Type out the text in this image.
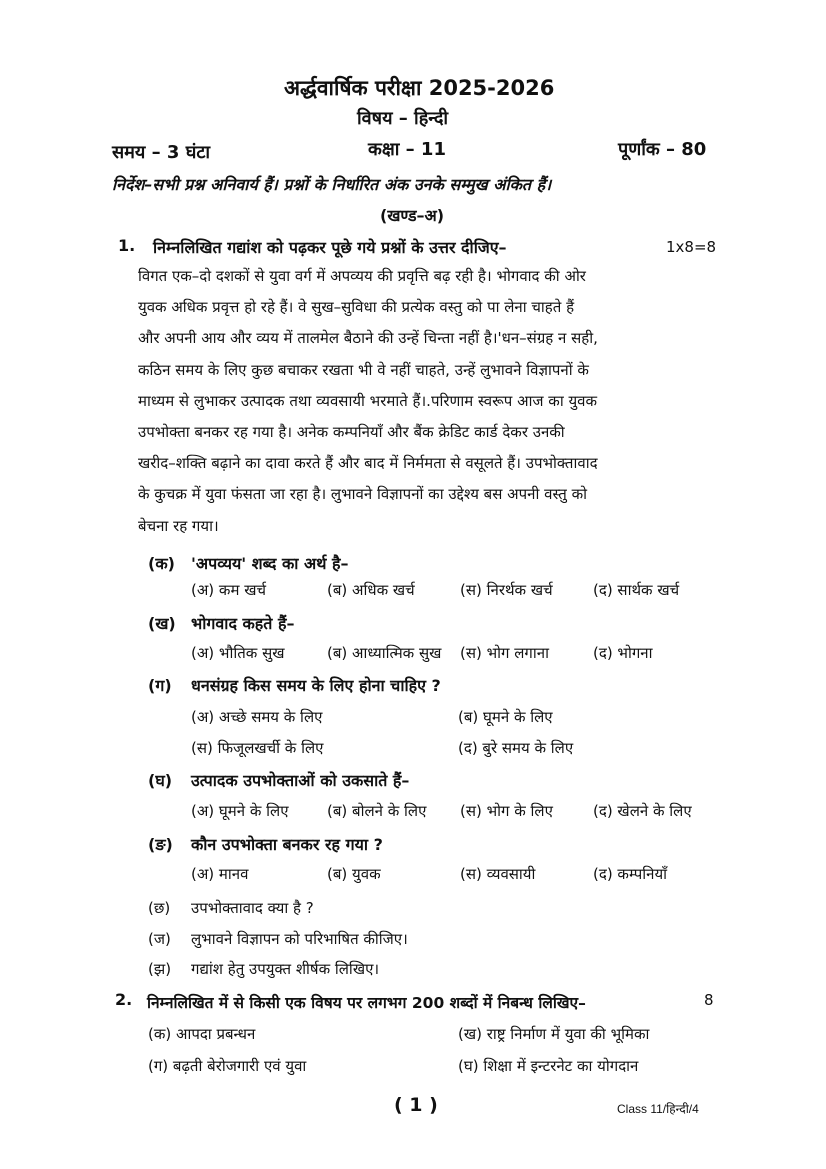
अर्द्धवार्षिक परीक्षा 2025-2026
विषय – हिन्दी
समय – 3 घंटा	कक्षा – 11	पूर्णांक – 80
निर्देश–सभी प्रश्न अनिवार्य हैं। प्रश्नों के निर्धारित अंक उनके सम्मुख अंकित हैं।
(खण्ड–अ)
1. निम्नलिखित गद्यांश को पढ़कर पूछे गये प्रश्नों के उत्तर दीजिए–	1x8=8
विगत एक–दो दशकों से युवा वर्ग में अपव्यय की प्रवृत्ति बढ़ रही है। भोगवाद की ओर
युवक अधिक प्रवृत्त हो रहे हैं। वे सुख–सुविधा की प्रत्येक वस्तु को पा लेना चाहते हैं
और अपनी आय और व्यय में तालमेल बैठाने की उन्हें चिन्ता नहीं है।'धन–संग्रह न सही,
कठिन समय के लिए कुछ बचाकर रखता भी वे नहीं चाहते, उन्हें लुभावने विज्ञापनों के
माध्यम से लुभाकर उत्पादक तथा व्यवसायी भरमाते हैं।.परिणाम स्वरूप आज का युवक
उपभोक्ता बनकर रह गया है। अनेक कम्पनियाँ और बैंक क्रेडिट कार्ड देकर उनकी
खरीद–शक्ति बढ़ाने का दावा करते हैं और बाद में निर्ममता से वसूलते हैं। उपभोक्तावाद
के कुचक्र में युवा फंसता जा रहा है। लुभावने विज्ञापनों का उद्देश्य बस अपनी वस्तु को
बेचना रह गया।
(क) 'अपव्यय' शब्द का अर्थ है–
(अ) कम खर्च	(ब) अधिक खर्च	(स) निरर्थक खर्च	(द) सार्थक खर्च
(ख) भोगवाद कहते हैं–
(अ) भौतिक सुख	(ब) आध्यात्मिक सुख (स) भोग लगाना	(द) भोगना
(ग) धनसंग्रह किस समय के लिए होना चाहिए ?
(अ) अच्छे समय के लिए	(ब) घूमने के लिए
(स) फिजूलखर्ची के लिए	(द) बुरे समय के लिए
(घ) उत्पादक उपभोक्ताओं को उकसाते हैं–
(अ) घूमने के लिए	(ब) बोलने के लिए (स) भोग के लिए	(द) खेलने के लिए
(ङ) कौन उपभोक्ता बनकर रह गया ?
(अ) मानव	(ब) युवक	(स) व्यवसायी	(द) कम्पनियाँ
(छ) उपभोक्तावाद क्या है ?
(ज) लुभावने विज्ञापन को परिभाषित कीजिए।
(झ) गद्यांश हेतु उपयुक्त शीर्षक लिखिए।
2. निम्नलिखित में से किसी एक विषय पर लगभग 200 शब्दों में निबन्ध लिखिए–	8
(क) आपदा प्रबन्धन	(ख) राष्ट्र निर्माण में युवा की भूमिका
(ग) बढ़ती बेरोजगारी एवं युवा	(घ) शिक्षा में इन्टरनेट का योगदान
( 1 )	Class 11/हिन्दी/4
